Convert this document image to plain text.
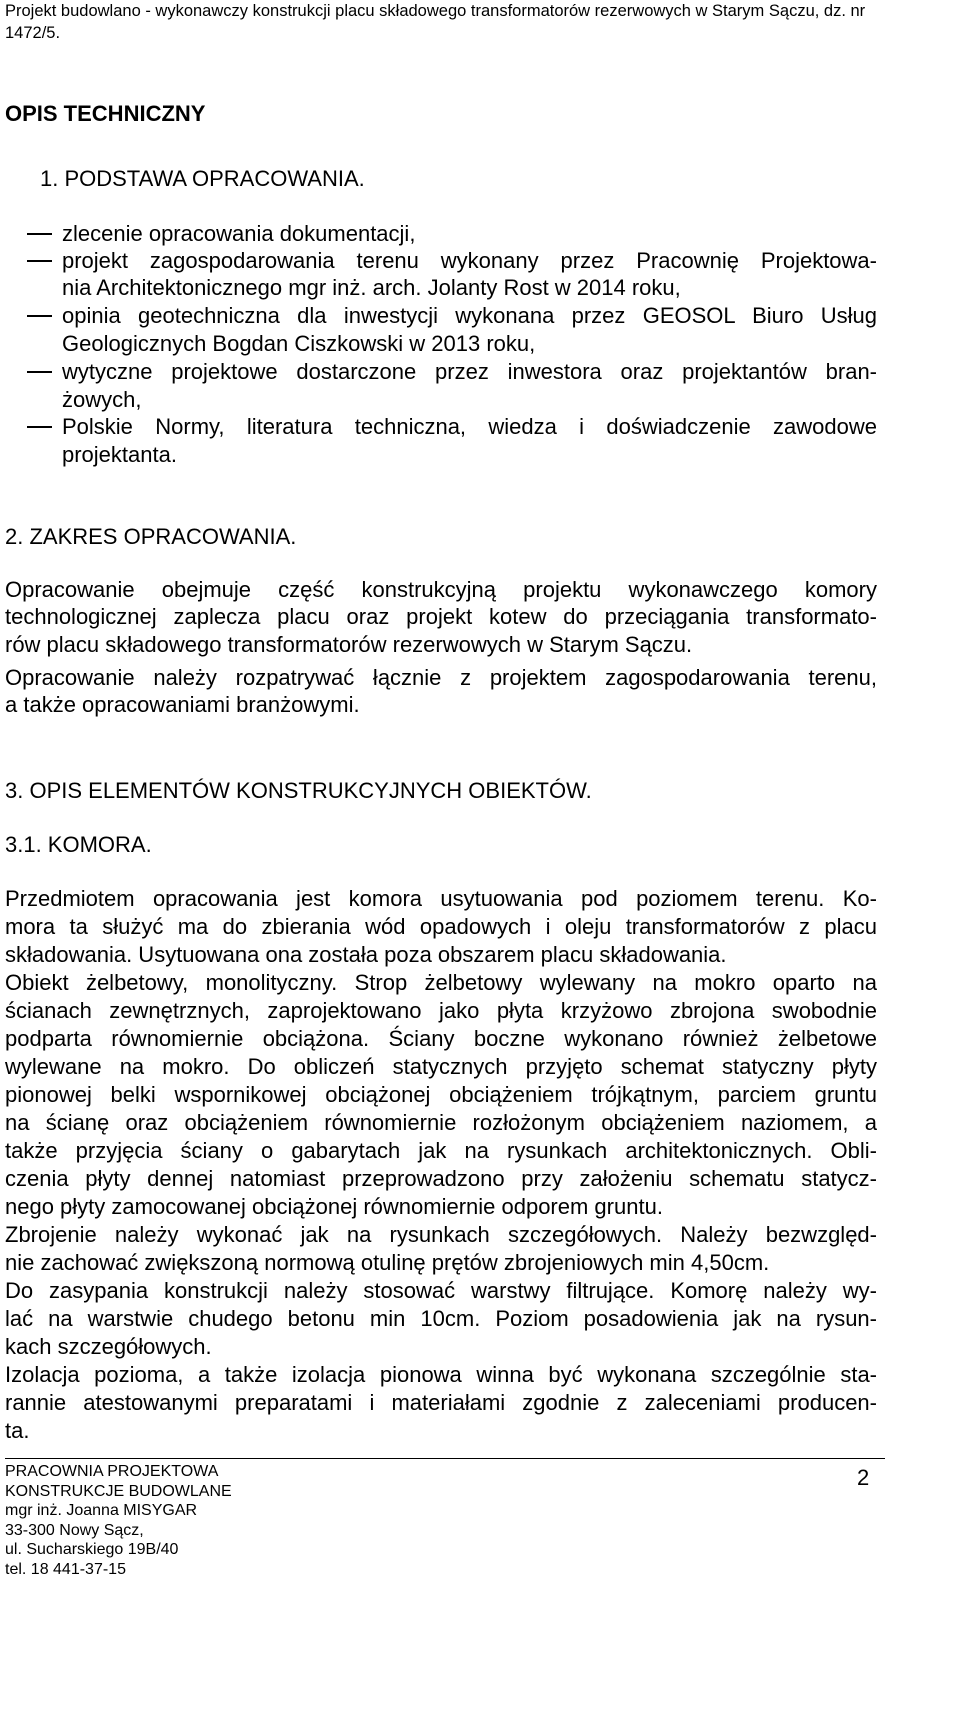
Projekt budowlano - wykonawczy konstrukcji placu składowego transformatorów rezerwowych w Starym Sączu, dz. nr
1472/5.
OPIS TECHNICZNY
1. PODSTAWA OPRACOWANIA.
zlecenie opracowania dokumentacji,
projekt zagospodarowania terenu wykonany przez Pracownię Projektowa-
nia Architektonicznego mgr inż. arch. Jolanty Rost w 2014 roku,
opinia geotechniczna dla inwestycji wykonana przez GEOSOL Biuro Usług
Geologicznych Bogdan Ciszkowski w 2013 roku,
wytyczne projektowe dostarczone przez inwestora oraz projektantów bran-
żowych,
Polskie Normy, literatura techniczna, wiedza i doświadczenie zawodowe
projektanta.
2. ZAKRES OPRACOWANIA.
Opracowanie obejmuje część konstrukcyjną projektu wykonawczego komory
technologicznej zaplecza placu oraz projekt kotew do przeciągania transformato-
rów placu składowego transformatorów rezerwowych w Starym Sączu.
Opracowanie należy rozpatrywać łącznie z projektem zagospodarowania terenu,
a także opracowaniami branżowymi.
3. OPIS ELEMENTÓW KONSTRUKCYJNYCH OBIEKTÓW.
3.1. KOMORA.
Przedmiotem opracowania jest komora usytuowania pod poziomem terenu. Ko-
mora ta służyć ma do zbierania wód opadowych i oleju transformatorów z placu
składowania. Usytuowana ona została poza obszarem placu składowania.
Obiekt żelbetowy, monolityczny. Strop żelbetowy wylewany na mokro oparto na
ścianach zewnętrznych, zaprojektowano jako płyta krzyżowo zbrojona swobodnie
podparta równomiernie obciążona. Ściany boczne wykonano również żelbetowe
wylewane na mokro. Do obliczeń statycznych przyjęto schemat statyczny płyty
pionowej belki wspornikowej obciążonej obciążeniem trójkątnym, parciem gruntu
na ścianę oraz obciążeniem równomiernie rozłożonym obciążeniem naziomem, a
także przyjęcia ściany o gabarytach jak na rysunkach architektonicznych. Obli-
czenia płyty dennej natomiast przeprowadzono przy założeniu schematu statycz-
nego płyty zamocowanej obciążonej równomiernie odporem gruntu.
Zbrojenie należy wykonać jak na rysunkach szczegółowych. Należy bezwzględ-
nie zachować zwiększoną normową otulinę prętów zbrojeniowych min 4,50cm.
Do zasypania konstrukcji należy stosować warstwy filtrujące. Komorę należy wy-
lać na warstwie chudego betonu min 10cm. Poziom posadowienia jak na rysun-
kach szczegółowych.
Izolacja pozioma, a także izolacja pionowa winna być wykonana szczególnie sta-
rannie atestowanymi preparatami i materiałami zgodnie z zaleceniami producen-
ta.
PRACOWNIA PROJEKTOWA
KONSTRUKCJE BUDOWLANE
mgr inż. Joanna MISYGAR
33-300 Nowy Sącz,
ul. Sucharskiego 19B/40
tel. 18 441-37-15
2
